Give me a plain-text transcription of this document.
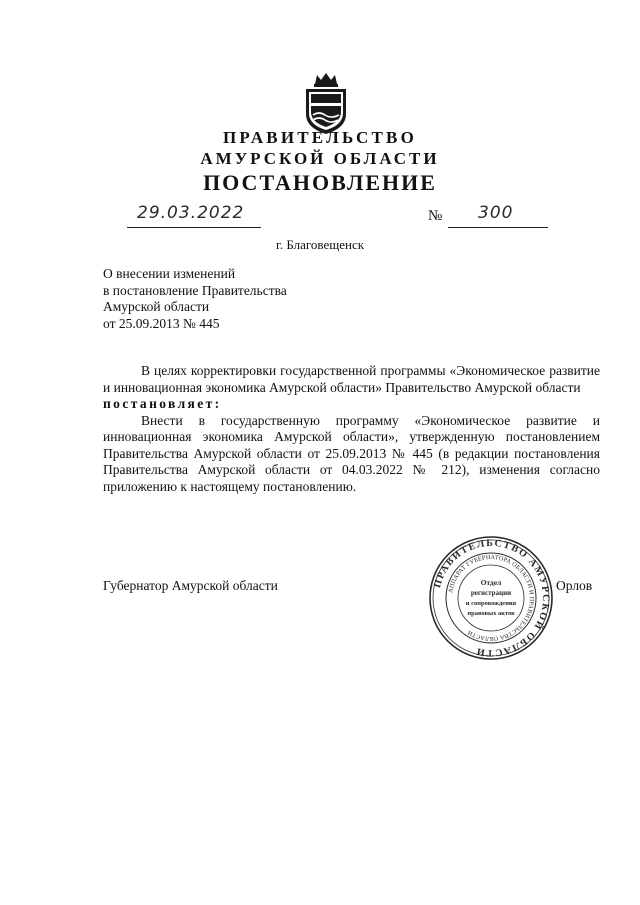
ПРАВИТЕЛЬСТВО
АМУРСКОЙ ОБЛАСТИ
ПОСТАНОВЛЕНИЕ
29.03.2022	№ 300
г. Благовещенск
О внесении изменений
в постановление Правительства
Амурской области
от 25.09.2013 № 445

В целях корректировки государственной программы «Экономическое развитие и инновационная экономика Амурской области» Правительство Амурской области

постановляет:

Внести в государственную программу «Экономическое развитие и инновационная экономика Амурской области», утвержденную постановлением Правительства Амурской области от 25.09.2013 № 445 (в редакции постановления Правительства Амурской области от 04.03.2022 № 212), изменения согласно приложению к настоящему постановлению.

Губернатор Амурской области	Орлов
ПРАВИТЕЛЬСТВО АМУРСКОЙ ОБЛАСТИ
АППАРАТ ГУБЕРНАТОРА ОБЛАСТИ И ПРАВИТЕЛЬСТВА ОБЛАСТИ
Отдел
регистрации
и сопровождения
правовых актов
